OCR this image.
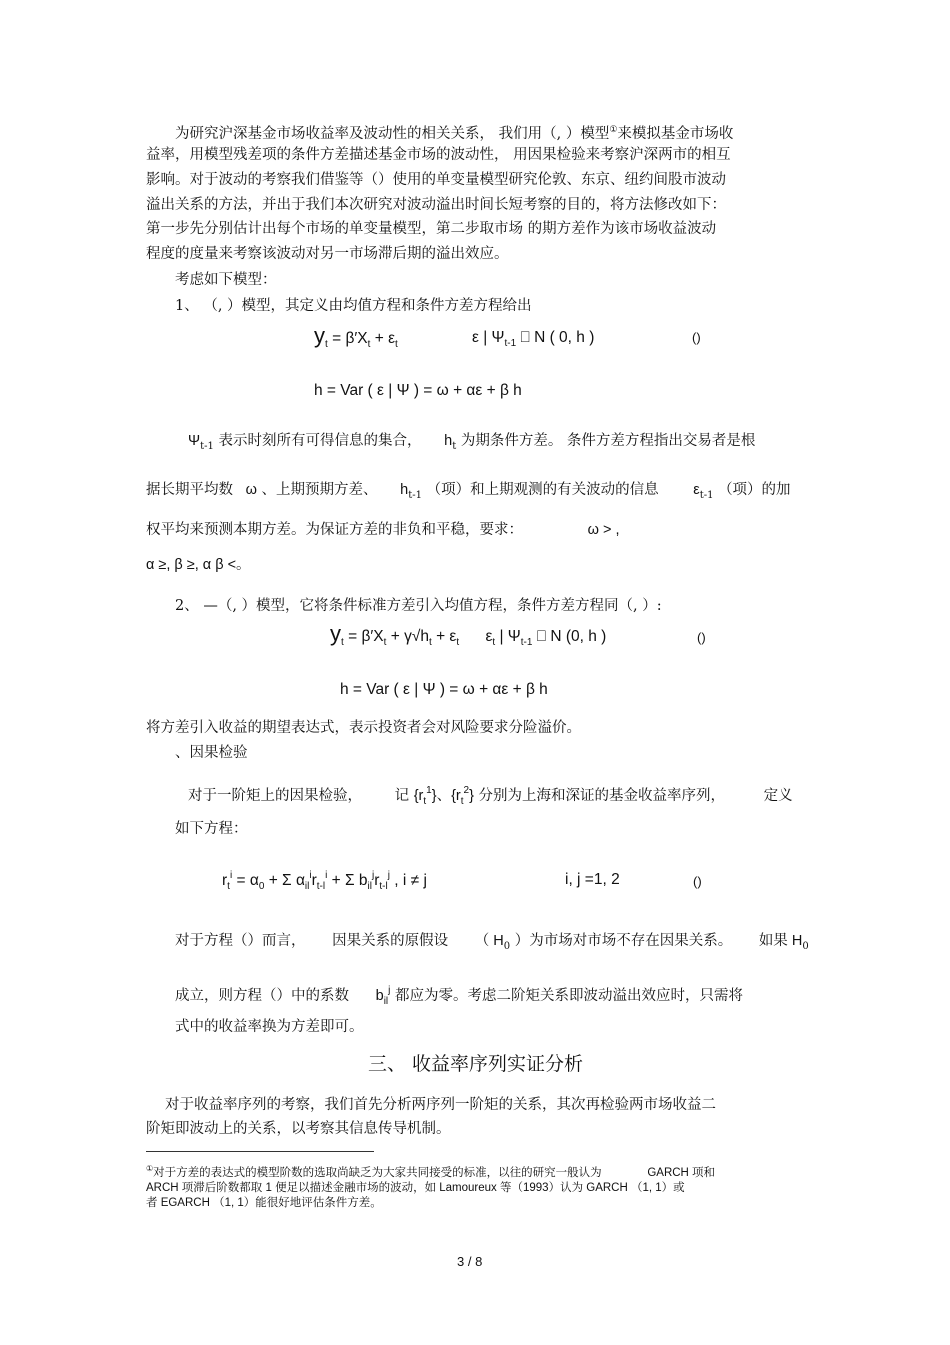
为研究沪深基金市场收益率及波动性的相关关系， 我们用（, ）模型①来模拟基金市场收
益率，用模型残差项的条件方差描述基金市场的波动性， 用因果检验来考察沪深两市的相互
影响。对于波动的考察我们借鉴等（）使用的单变量模型研究伦敦、东京、纽约间股市波动
溢出关系的方法，并出于我们本次研究对波动溢出时间长短考察的目的，将方法修改如下：
第一步先分别估计出每个市场的单变量模型，第二步取市场 的期方差作为该市场收益波动
程度的度量来考察该波动对另一市场滞后期的溢出效应。
考虑如下模型：
1、 （, ）模型，其定义由均值方程和条件方差方程给出
$y_t = \beta'X_t + \varepsilon_t$	ε | $\Psi_{t-1}$ ⎕ N ( 0, h )	()
h = Var ( ε | Ψ ) = ω + αε + β h
$\Psi_{t-1}$ 表示时刻所有可得信息的集合， $h_t$ 为期条件方差。 条件方差方程指出交易者是根
据长期平均数 ω 、上期预期方差、 $h_{t-1}$ （项）和上期观测的有关波动的信息 $\varepsilon_{t-1}$ （项）的加
权平均来预测本期方差。为保证方差的非负和平稳，要求：	ω > ,
α ≥, β ≥, α β <。
2、 —（, ）模型，它将条件标准方差引入均值方程，条件方差方程同（, ）:
$y_t = \beta'X_t + \gamma√h_t + \varepsilon_t$ $\varepsilon_t$ | $\Psi_{t-1}$ ⎕ N (0, h )	()
h = Var ( ε | Ψ ) = ω + αε + β h
将方差引入收益的期望表达式，表示投资者会对风险要求分险溢价。
、因果检验
对于一阶矩上的因果检验， 记 $\{r_t^1\}$、$\{r_t^2\}$ 分别为上海和深证的基金收益率序列，	定义
如下方程：
$r_t^i = \alpha_0 + \Sigma$ $\alpha_{il}^ir_{t-l}^i + \Sigma$ $b_{il}^jr_{t-l}^j$ , i ≠ j	i, j =1, 2	()
对于方程（）而言， 因果关系的原假设 （ $H_0$ ）为市场对市场不存在因果关系。 如果 $H_0$
成立，则方程（）中的系数 $b_{il}^j$ 都应为零。考虑二阶矩关系即波动溢出效应时，只需将
式中的收益率换为方差即可。
三、 收益率序列实证分析
对于收益率序列的考察，我们首先分析两序列一阶矩的关系，其次再检验两市场收益二
阶矩即波动上的关系，以考察其信息传导机制。
①对于方差的表达式的模型阶数的选取尚缺乏为大家共同接受的标准，以往的研究一般认为	GARCH 项和
ARCH 项滞后阶数都取 1 便足以描述金融市场的波动，如 Lamoureux 等（1993）认为 GARCH （1, 1）或
者 EGARCH （1, 1）能很好地评估条件方差。
3 / 8
